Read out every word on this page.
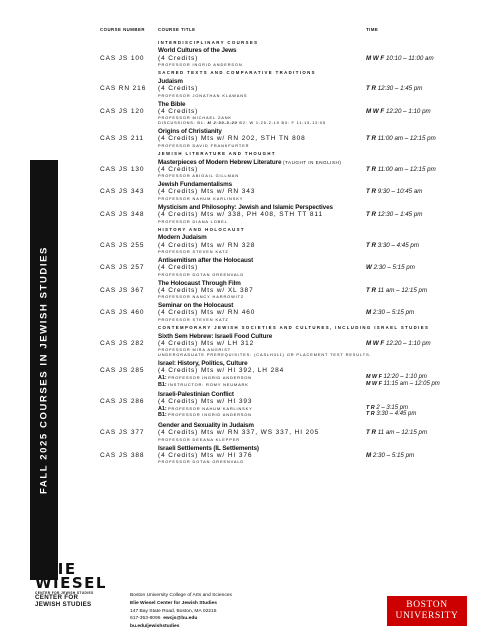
FALL 2025 COURSES IN JEWISH STUDIES
COURSE NUMBER	COURSE TITLE	TIME
INTERDISCIPLINARY COURSES
World Cultures of the Jews
CAS JS 100 (4 Credits)	M W F 10:10 – 11:00 am
PROFESSOR INGRID ANDERSON
SACRED TEXTS AND COMPARATIVE TRADITIONS
Judaism
CAS RN 216 (4 Credits)	T R 12:30 – 1:45 pm
PROFESSOR JONATHAN KLAWANS
The Bible
CAS JS 120 (4 Credits)	M W F 12:20 – 1:10 pm
PROFESSOR MICHAEL ZANK
DISCUSSIONS: B1: M 2:30-3:20 B2: W 1:25-2:15 B3: F 11:15-12:05
Origins of Christianity
CAS JS 211 (4 Credits) Mts w/ RN 202, STH TN 808	T R 11:00 am – 12:15 pm
PROFESSOR DAVID FRANKFURTER
JEWISH LITERATURE AND THOUGHT
Masterpieces of Modern Hebrew Literature (TAUGHT IN ENGLISH)
CAS JS 130 (4 Credits)	T R 11:00 am – 12:15 pm
PROFESSOR ABIGAIL GILLMAN
Jewish Fundamentalisms
CAS JS 343 (4 Credits) Mts w/ RN 343	T R 9:30 – 10:45 am
PROFESSOR NAHUM KARLINSKY
Mysticism and Philosophy: Jewish and Islamic Perspectives
CAS JS 348 (4 Credits) Mts w/ 338, PH 408, STH TT 811	T R 12:30 – 1:45 pm
PROFESSOR DIANA LOBEL
HISTORY AND HOLOCAUST
Modern Judaism
CAS JS 255 (4 Credits) Mts w/ RN 328	T R 3:30 – 4:45 pm
PROFESSOR STEVEN KATZ
Antisemitism after the Holocaust
CAS JS 257 (4 Credits)	W 2:30 – 5:15 pm
PROFESSOR DOTAN GREENVALD
The Holocaust Through Film
CAS JS 367 (4 Credits) Mts w/ XL 387	T R 11 am – 12:15 pm
PROFESSOR NANCY HARROWITZ
Seminar on the Holocaust
CAS JS 460 (4 Credits) Mts w/ RN 460	M 2:30 – 5:15 pm
PROFESSOR STEVEN KATZ
CONTEMPORARY JEWISH SOCIETIES AND CULTURES, INCLUDING ISRAEL STUDIES
Sixth Sem Hebrew: Israeli Food Culture
CAS JS 282 (4 Credits) Mts w/ LH 312	M W F 12:20 – 1:10 pm
PROFESSOR MIRA ANGRIST
UNDERGRADUATE PREREQUISITES: (CASLH311) OR PLACEMENT TEST RESULTS.
Israel: History, Politics, Culture
CAS JS 285 (4 Credits) Mts w/ HI 392, LH 284
A1: PROFESSOR INGRID ANDERSON	M W F 12:20 – 1:10 pm
B1: INSTRUCTOR: ROMY NEUMARK	M W F 11:15 am – 12:05 pm
Israeli-Palestinian Conflict
CAS JS 286 (4 Credits) Mts w/ HI 393
A1: PROFESSOR NAHUM KARLINSKY	T R 2 – 3:15 pm
B1: PROFESSOR INGRID ANDERSON	T R 3:30 – 4:45 pm
Gender and Sexuality in Judaism
CAS JS 377 (4 Credits) Mts w/ RN 337, WS 337, HI 205	T R 11 am – 12:15 pm
PROFESSOR DEEANA KLEPPER
Israeli Settlements (IL Settlements)
CAS JS 388 (4 Credits) Mts w/ HI 376	M 2:30 – 5:15 pm
PROFESSOR DOTAN GREENVALD
ELIE
WIESEL
CENTER FOR JEWISH STUDIES
CENTER FOR
JEWISH STUDIES
Boston University College of Arts and Sciences
Elie Wiesel Center for Jewish Studies
147 Bay State Road, Boston, MA 02215
617-353-8096 ewcjs@bu.edu
bu.edu/jewishstudies
BOSTON
UNIVERSITY
